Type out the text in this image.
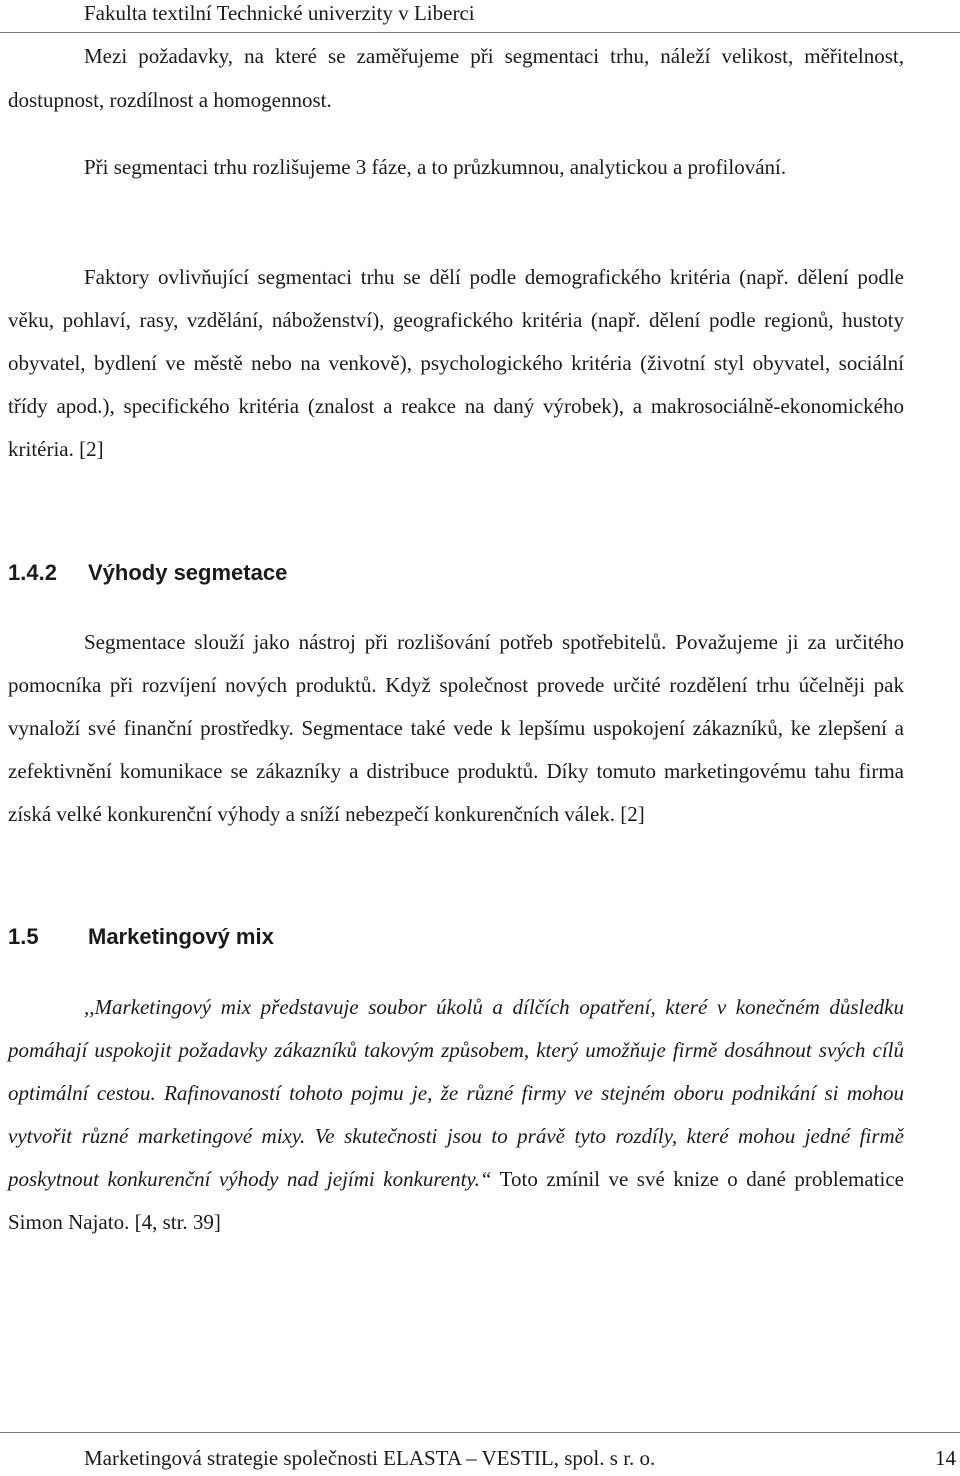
Fakulta textilní Technické univerzity v Liberci

Mezi požadavky, na které se zaměřujeme při segmentaci trhu, náleží velikost, měřitelnost, dostupnost, rozdílnost a homogennost.

Při segmentaci trhu rozlišujeme 3 fáze, a to průzkumnou, analytickou a profilování.

Faktory ovlivňující segmentaci trhu se dělí podle demografického kritéria (např. dělení podle věku, pohlaví, rasy, vzdělání, náboženství), geografického kritéria (např. dělení podle regionů, hustoty obyvatel, bydlení ve městě nebo na venkově), psychologického kritéria (životní styl obyvatel, sociální třídy apod.), specifického kritéria (znalost a reakce na daný výrobek), a makrosociálně-ekonomického kritéria. [2]

1.4.2 Výhody segmetace

Segmentace slouží jako nástroj při rozlišování potřeb spotřebitelů. Považujeme ji za určitého pomocníka při rozvíjení nových produktů. Když společnost provede určité rozdělení trhu účelněji pak vynaloží své finanční prostředky. Segmentace také vede k lepšímu uspokojení zákazníků, ke zlepšení a zefektivnění komunikace se zákazníky a distribuce produktů. Díky tomuto marketingovému tahu firma získá velké konkurenční výhody a sníží nebezpečí konkurenčních válek. [2]

1.5 Marketingový mix

,,Marketingový mix představuje soubor úkolů a dílčích opatření, které v konečném důsledku pomáhají uspokojit požadavky zákazníků takovým způsobem, který umožňuje firmě dosáhnout svých cílů optimální cestou. Rafinovaností tohoto pojmu je, že různé firmy ve stejném oboru podnikání si mohou vytvořit různé marketingové mixy. Ve skutečnosti jsou to právě tyto rozdíly, které mohou jedné firmě poskytnout konkurenční výhody nad jejími konkurenty.“ Toto zmínil ve své knize o dané problematice Simon Najato. [4, str. 39]

Marketingová strategie společnosti ELASTA – VESTIL, spol. s r. o.	14
